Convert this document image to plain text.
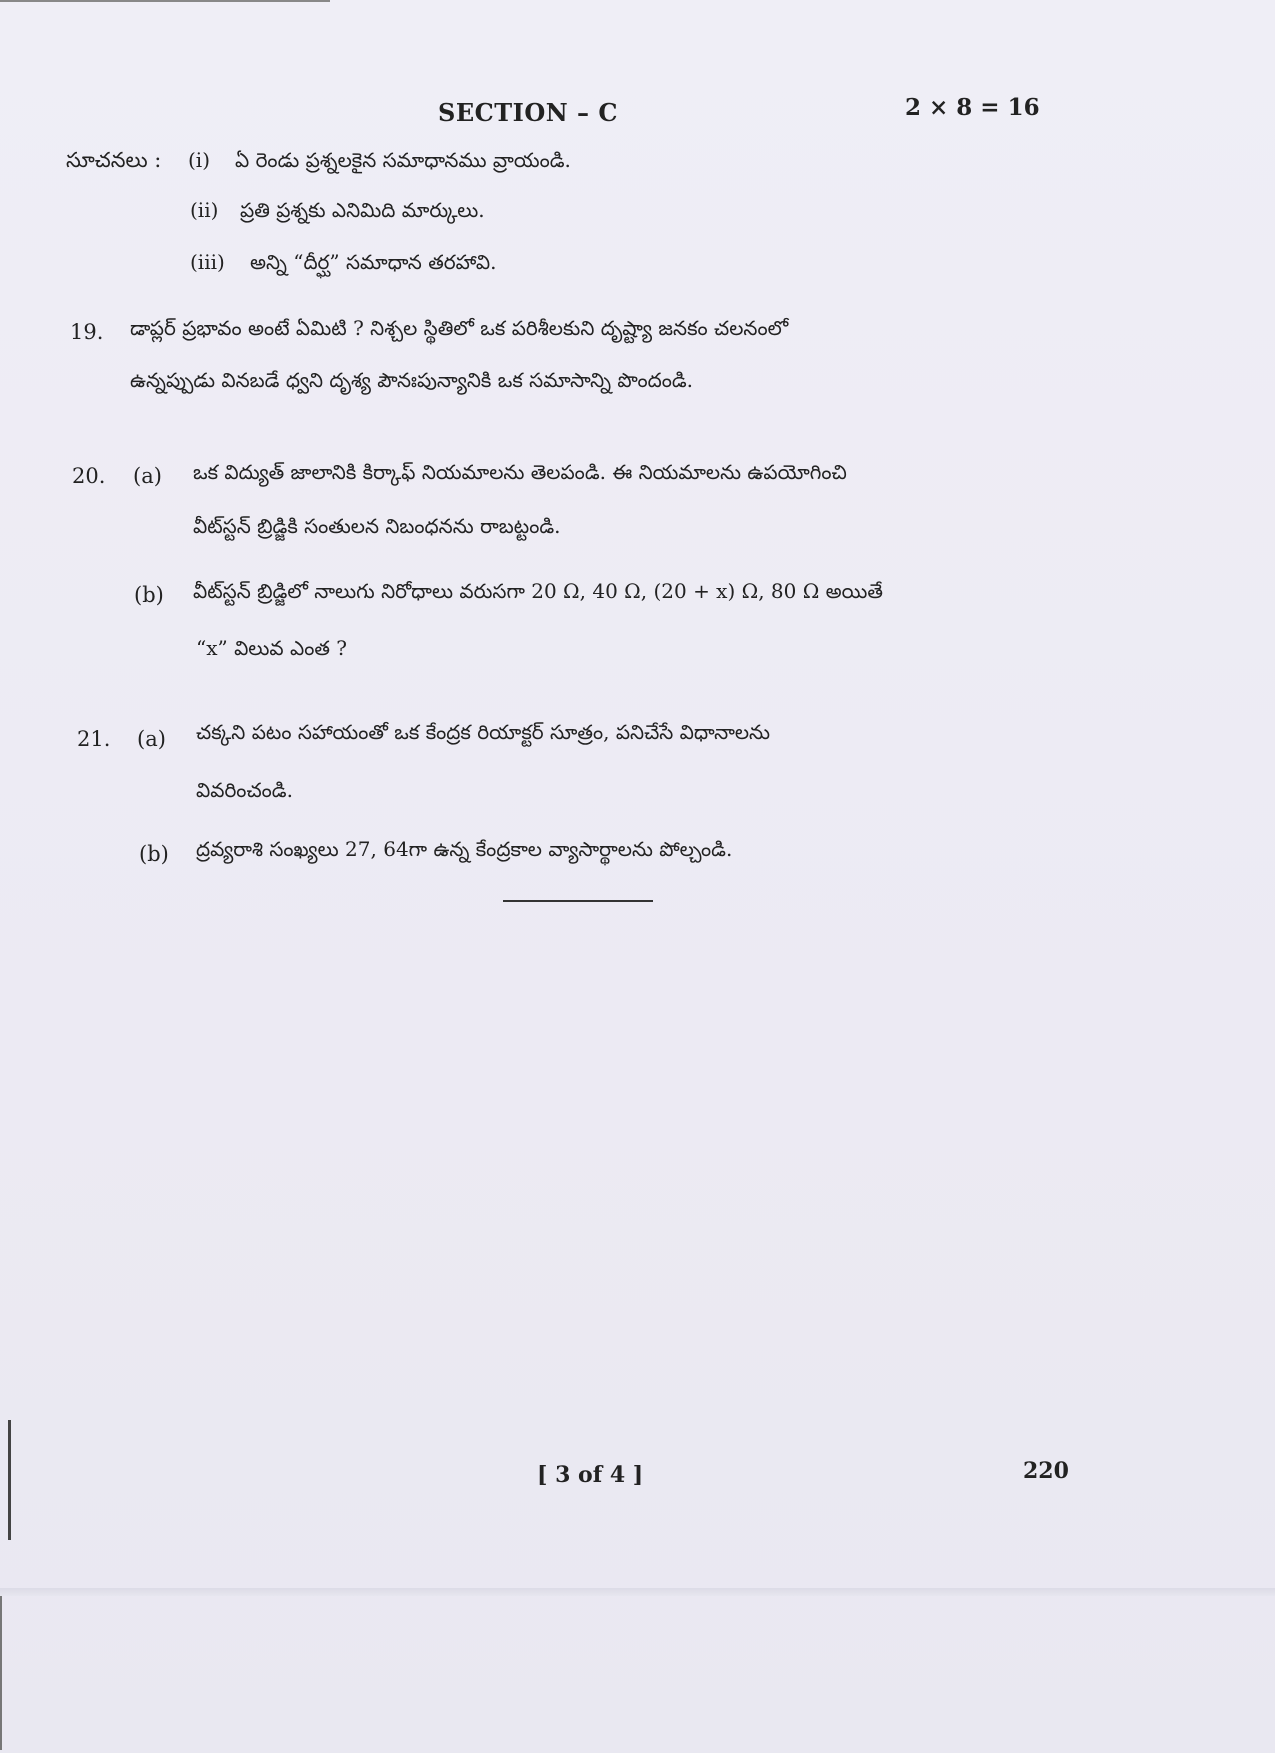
SECTION – C	2 × 8 = 16
సూచనలు : (i) ఏ రెండు ప్రశ్నలకైన సమాధానము వ్రాయండి.
(ii) ప్రతి ప్రశ్నకు ఎనిమిది మార్కులు.
(iii) అన్ని “దీర్ఘ” సమాధాన తరహావి.
19. డాప్లర్ ప్రభావం అంటే ఏమిటి ? నిశ్చల స్థితిలో ఒక పరిశీలకుని దృష్ట్యా జనకం చలనంలో
ఉన్నప్పుడు వినబడే ధ్వని దృశ్య పౌనఃపున్యానికి ఒక సమాసాన్ని పొందండి.
20. (a) ఒక విద్యుత్ జాలానికి కిర్కాఫ్ నియమాలను తెలపండి. ఈ నియమాలను ఉపయోగించి
వీట్‌స్టన్ బ్రిడ్జికి సంతులన నిబంధనను రాబట్టండి.
(b) వీట్‌స్టన్ బ్రిడ్జిలో నాలుగు నిరోధాలు వరుసగా 20 Ω, 40 Ω, (20 + x) Ω, 80 Ω అయితే
“x” విలువ ఎంత ?
21. (a) చక్కని పటం సహాయంతో ఒక కేంద్రక రియాక్టర్ సూత్రం, పనిచేసే విధానాలను
వివరించండి.
(b) ద్రవ్యరాశి సంఖ్యలు 27, 64గా ఉన్న కేంద్రకాల వ్యాసార్థాలను పోల్చండి.
[ 3 of 4 ]	220
